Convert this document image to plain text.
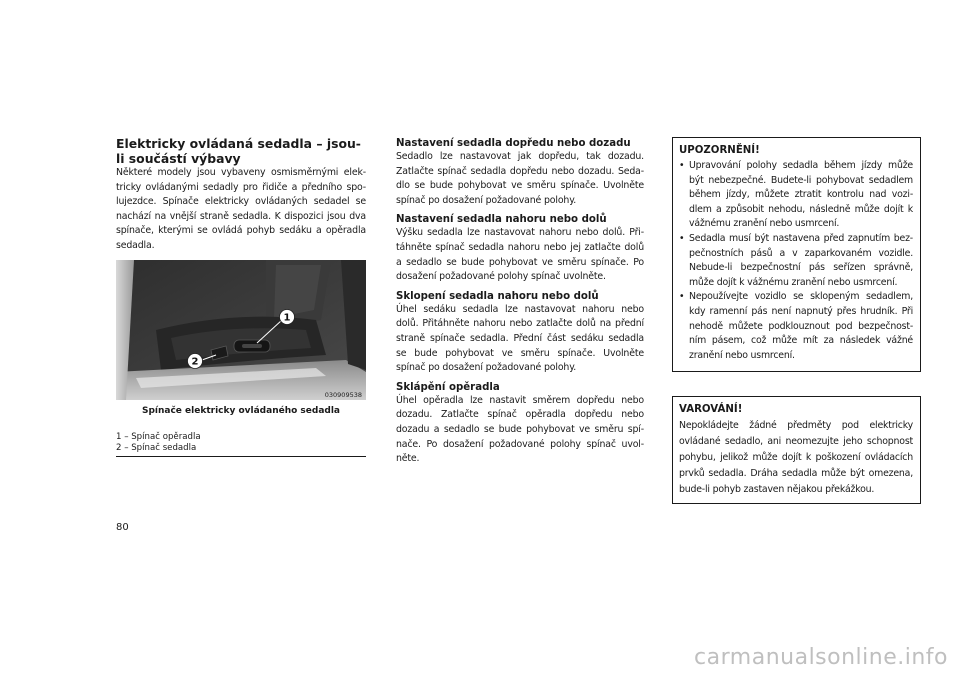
Elektricky ovládaná sedadla – jsou-li součástí výbavy

Některé modely jsou vybaveny osmisměrnými elek-tricky ovládanými sedadly pro řidiče a předního spo-lujezdce. Spínače elektricky ovládaných sedadel se nachází na vnější straně sedadla. K dispozici jsou dva spínače, kterými se ovládá pohyb sedáku a opěradla sedadla.

1
2
030909538

Spínače elektricky ovládaného sedadla

1 – Spínač opěradla
2 – Spínač sedadla
Nastavení sedadla dopředu nebo dozadu

Sedadlo lze nastavovat jak dopředu, tak dozadu. Zatlačte spínač sedadla dopředu nebo dozadu. Seda-dlo se bude pohybovat ve směru spínače. Uvolněte spínač po dosažení požadované polohy.

Nastavení sedadla nahoru nebo dolů

Výšku sedadla lze nastavovat nahoru nebo dolů. Při-táhněte spínač sedadla nahoru nebo jej zatlačte dolů a sedadlo se bude pohybovat ve směru spínače. Po dosažení požadované polohy spínač uvolněte.

Sklopení sedadla nahoru nebo dolů

Úhel sedáku sedadla lze nastavovat nahoru nebo dolů. Přitáhněte nahoru nebo zatlačte dolů na přední straně spínače sedadla. Přední část sedáku sedadla se bude pohybovat ve směru spínače. Uvolněte spínač po dosažení požadované polohy.

Sklápění opěradla

Úhel opěradla lze nastavit směrem dopředu nebo dozadu. Zatlačte spínač opěradla dopředu nebo dozadu a sedadlo se bude pohybovat ve směru spí-nače. Po dosažení požadované polohy spínač uvol-něte.

UPOZORNĚNÍ!
• Upravování polohy sedadla během jízdy může být nebezpečné. Budete-li pohybovat sedadlem během jízdy, můžete ztratit kontrolu nad vozi-dlem a způsobit nehodu, následně může dojít k vážnému zranění nebo usmrcení.
• Sedadla musí být nastavena před zapnutím bez-pečnostních pásů a v zaparkovaném vozidle. Nebude-li bezpečnostní pás seřízen správně, může dojít k vážnému zranění nebo usmrcení.
• Nepoužívejte vozidlo se sklopeným sedadlem, kdy ramenní pás není napnutý přes hrudník. Při nehodě můžete podklouznout pod bezpečnost-ním pásem, což může mít za následek vážné zranění nebo usmrcení.
VAROVÁNÍ!

Nepokládejte žádné předměty pod elektricky ovládané sedadlo, ani neomezujte jeho schopnost pohybu, jelikož může dojít k poškození ovládacích prvků sedadla. Dráha sedadla může být omezena, bude-li pohyb zastaven nějakou překážkou.

80
carmanualsonline.info
